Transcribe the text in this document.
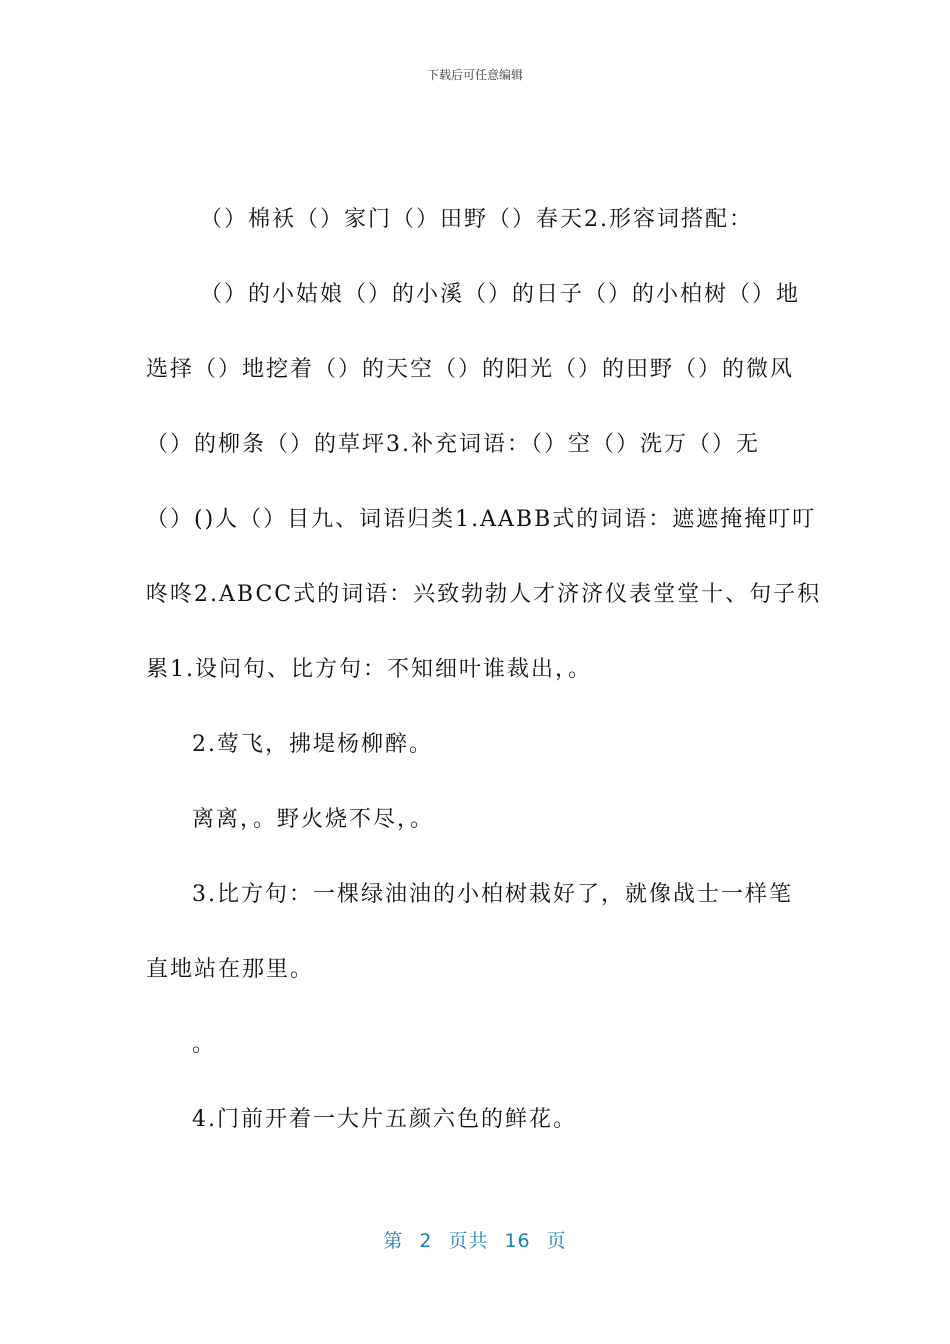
下载后可任意编辑
（）棉袄（）家门（）田野（）春天2.形容词搭配：
（）的小姑娘（）的小溪（）的日子（）的小柏树（）地
选择（）地挖着（）的天空（）的阳光（）的田野（）的微风
（）的柳条（）的草坪3.补充词语：（）空（）洗万（）无
（）()人（）目九、词语归类1.AABB式的词语：遮遮掩掩叮叮
咚咚2.ABCC式的词语：兴致勃勃人才济济仪表堂堂十、句子积
累1.设问句、比方句：不知细叶谁裁出，。
2.莺飞，拂堤杨柳醉。
离离，。野火烧不尽，。
3.比方句：一棵绿油油的小柏树栽好了，就像战士一样笔
直地站在那里。
。
4.门前开着一大片五颜六色的鲜花。
第 2 页共 16 页
